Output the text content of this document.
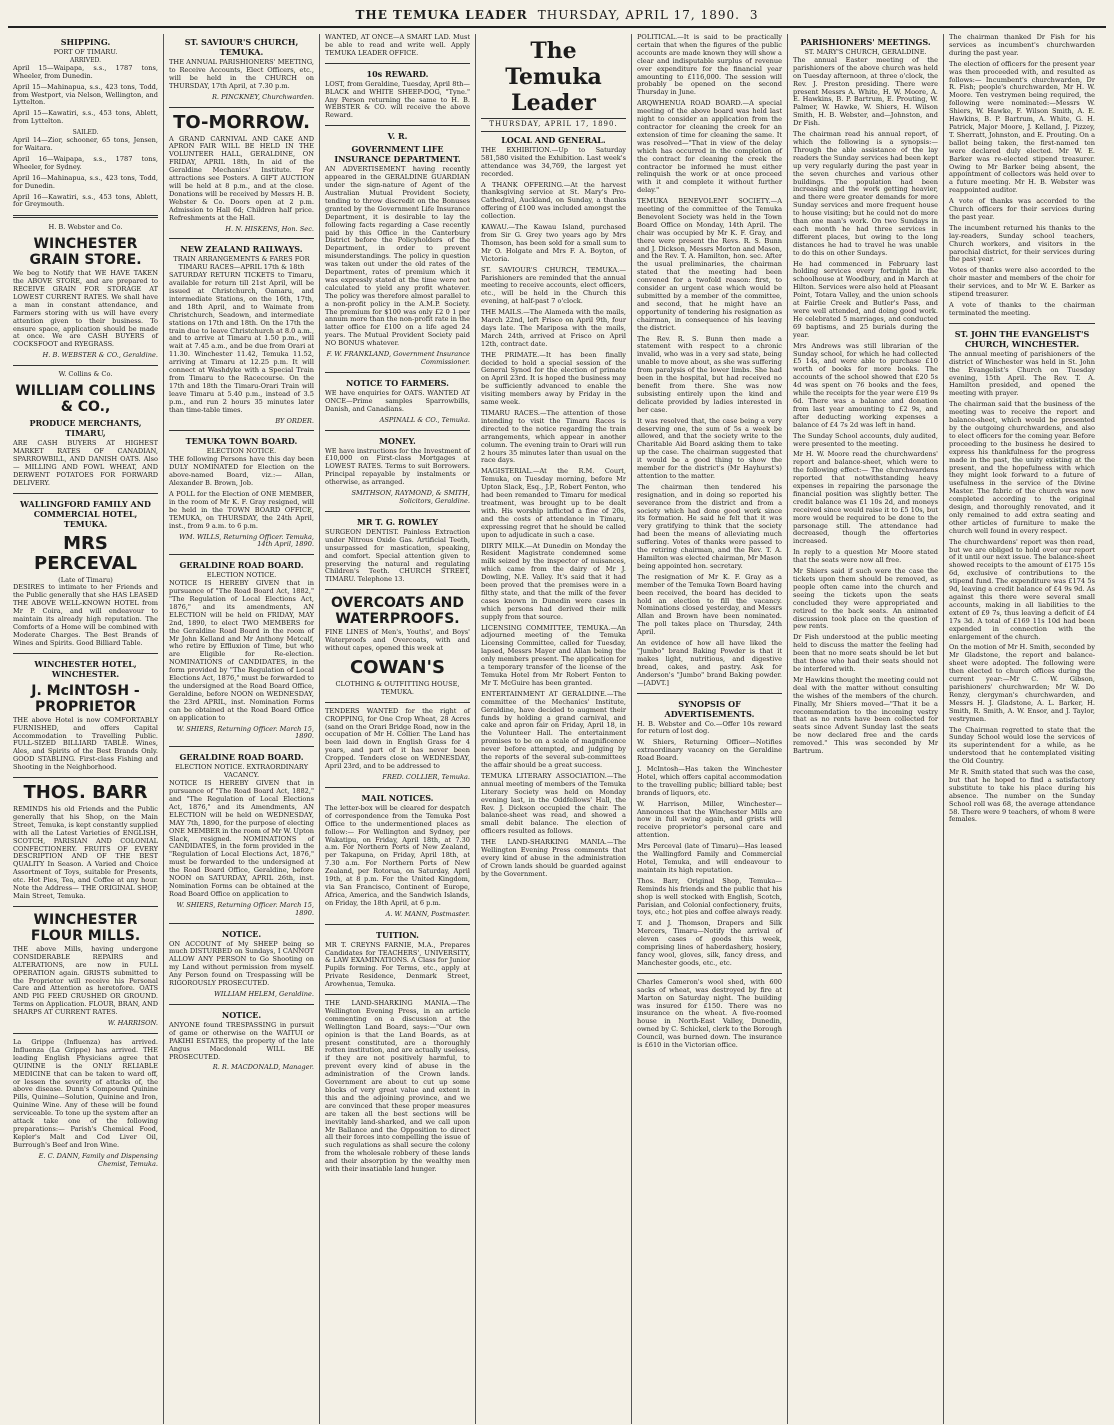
THE TEMUKA LEADER THURSDAY, APRIL 17, 1890. 3
SHIPPING.
PORT OF TIMARU.
ARRIVED.

April 15—Waipapa, s.s., 1787 tons, Wheeler, from Dunedin.

April 15—Mahinapua, s.s., 423 tons, Todd, from Westport, via Nelson, Wellington, and Lyttelton.

April 15—Kawatiri, s.s., 453 tons, Ablett, from Lyttelton.

SAILED.

April 14—Zior, schooner, 65 tons, Jensen, for Waitara.

April 16—Waipapa, s.s., 1787 tons, Wheeler, for Sydney.

April 16—Mahinapua, s.s., 423 tons, Todd, for Dunedin.

April 16—Kawatiri, s.s., 453 tons, Ablett, for Greymouth.

H. B. Webster and Co.
WINCHESTER GRAIN STORE.

We beg to Notify that WE HAVE TAKEN the ABOVE STORE, and are prepared to RECEIVE GRAIN FOR STORAGE AT LOWEST CURRENT RATES. We shall have a man in constant attendance, and Farmers storing with us will have every attention given to their business. To ensure space, application should be made at once. We are CASH BUYERS of COCKSFOOT and RYEGRASS.

H. B. WEBSTER & CO., Geraldine.
W. Collins & Co.
WILLIAM COLLINS & CO.,
PRODUCE MERCHANTS, TIMARU,

ARE CASH BUYERS AT HIGHEST MARKET RATES OF CANADIAN, SPARROWBILL, AND DANISH OATS. Also— MILLING AND FOWL WHEAT, AND DERWENT POTATOES FOR FORWARD DELIVERY.

WALLINGFORD FAMILY AND COMMERCIAL HOTEL, TEMUKA.
MRS PERCEVAL
(Late of Timaru)

DESIRES to intimate to her Friends and the Public generally that she HAS LEASED THE ABOVE WELL-KNOWN HOTEL from Mr P. Coira, and will endeavour to maintain its already high reputation. The Comforts of a Home will be combined with Moderate Charges. The Best Brands of Wines and Spirits. Good Billiard Table.

WINCHESTER HOTEL, WINCHESTER.
J. McINTOSH - PROPRIETOR

THE above Hotel is now COMFORTABLY FURNISHED, and offers Capital Accommodation to Travelling Public. FULL-SIZED BILLIARD TABLE. Wines, Ales, and Spirits of the Best Brands Only. GOOD STABLING. First-class Fishing and Shooting in the Neighborhood.

THOS. BARR

REMINDS his old Friends and the Public generally that his Shop, on the Main Street, Temuka, is kept constantly supplied with all the Latest Varieties of ENGLISH, SCOTCH, PARISIAN AND COLONIAL CONFECTIONERY. FRUITS OF EVERY DESCRIPTION AND OF THE BEST QUALITY In Season. A Varied and Choice Assortment of Toys, suitable for Presents, etc. Hot Pies, Tea, and Coffee at any hour. Note the Address— THE ORIGINAL SHOP, Main Street, Temuka.

WINCHESTER FLOUR MILLS.

THE above Mills, having undergone CONSIDERABLE REPAIRS and ALTERATIONS, are now in FULL OPERATION again. GRISTS submitted to the Proprietor will receive his Personal Care and Attention as heretofore. OATS AND PIG FEED CRUSHED OR GROUND. Terms on Application. FLOUR, BRAN, AND SHARPS AT CURRENT RATES.

W. HARRISON.

La Grippe (Influenza) has arrived. Influenza (La Grippe) has arrived. THE leading English Physicians agree that QUININE is the ONLY RELIABLE MEDICINE that can be taken to ward off, or lessen the severity of attacks of, the above disease. Dunn's Compound Quinine Pills, Quinine—Solution, Quinine and Iron, Quinine Wine. Any of these will be found serviceable. To tone up the system after an attack take one of the following preparations:— Parish's Chemical Food, Kepler's Malt and Cod Liver Oil, Burrough's Beef and Iron Wine.

E. C. DANN, Family and Dispensing Chemist, Temuka.
ST. SAVIOUR'S CHURCH, TEMUKA.

THE ANNUAL PARISHIONERS' MEETING, to Receive Accounts, Elect Officers, etc., will be held in the CHURCH on THURSDAY, 17th April, at 7.30 p.m.

R. PINCKNEY, Churchwarden.
TO-MORROW.

A GRAND CARNIVAL AND CAKE AND APRON FAIR WILL BE HELD IN THE VOLUNTEER HALL, GERALDINE, ON FRIDAY, APRIL 18th, In aid of the Geraldine Mechanics' Institute. For attractions see Posters. A GIFT AUCTION will be held at 8 p.m., and at the close. Donations will be received by Messrs H. B. Webster & Co. Doors open at 2 p.m. Admission to Hall 6d; Children half price. Refreshments at the Hall.

H. N. HISKENS, Hon. Sec.
NEW ZEALAND RAILWAYS.
TRAIN ARRANGEMENTS & FARES FOR TIMARU RACES—APRIL 17th & 18th

SATURDAY RETURN TICKETS to Timaru, available for return till 21st April, will be issued at Christchurch, Oamaru, and intermediate Stations, on the 16th, 17th, and 18th April, and to Waimate from Christchurch, Seadown, and intermediate stations on 17th and 18th. On the 17th the train due to leave Christchurch at 8.0 a.m., and to arrive at Timaru at 1.50 p.m., will wait at 7.45 a.m., and be due from Orari at 11.30. Winchester 11.42, Temuka 11.52, arriving at Timaru at 12.25 p.m. It will connect at Washdyke with a Special Train from Timaru to the Racecourse. On the 17th and 18th the Timaru-Orari Train will leave Timaru at 5.40 p.m., instead of 3.5 p.m., and run 2 hours 35 minutes later than time-table times.

BY ORDER.
TEMUKA TOWN BOARD.
ELECTION NOTICE.

THE following Persons have this day been DULY NOMINATED for Election on the above-named Board, viz.:— Allan, Alexander B. Brown, Job.

A POLL for the Election of ONE MEMBER, in the room of Mr K. F. Gray resigned, will be held in the TOWN BOARD OFFICE, TEMUKA, on THURSDAY, the 24th April, inst., from 9 a.m. to 6 p.m.

WM. WILLS, Returning Officer. Temuka, 14th April, 1890.
GERALDINE ROAD BOARD.
ELECTION NOTICE.

NOTICE IS HEREBY GIVEN that in pursuance of "The Road Board Act, 1882," "The Regulation of Local Elections Act, 1876," and its amendments, AN ELECTION will be held on FRIDAY, MAY 2nd, 1890, to elect TWO MEMBERS for the Geraldine Road Board in the room of Mr John Kelland and Mr Anthony Metcalf, who retire by Effluxion of Time, but who are Eligible for Re-election. NOMINATIONS of CANDIDATES, in the form provided by "The Regulation of Local Elections Act, 1876," must be forwarded to the undersigned at the Road Board Office, Geraldine, before NOON on WEDNESDAY, the 23rd APRIL, inst. Nomination Forms can be obtained at the Road Board Office on application to

W. SHIERS, Returning Officer. March 15, 1890.
GERALDINE ROAD BOARD.
ELECTION NOTICE. EXTRAORDINARY VACANCY.

NOTICE IS HEREBY GIVEN that in pursuance of "The Road Board Act, 1882," and "The Regulation of Local Elections Act, 1876," and its Amendments, AN ELECTION will be held on WEDNESDAY, MAY 7th, 1890, for the purpose of electing ONE MEMBER in the room of Mr W. Upton Slack, resigned. NOMINATIONS of CANDIDATES, in the form provided in the "Regulation of Local Elections Act, 1876," must be forwarded to the undersigned at the Road Board Office, Geraldine, before NOON on SATURDAY, APRIL 26th, inst. Nomination Forms can be obtained at the Road Board Office on application to

W. SHIERS, Returning Officer. March 15, 1890.
NOTICE.

ON ACCOUNT of My SHEEP being so much DISTURBED on Sundays, I CANNOT ALLOW ANY PERSON to Go Shooting on my Land without permission from myself. Any Person found on Trespassing will be RIGOROUSLY PROSECUTED.

WILLIAM HELEM, Geraldine.
NOTICE.

ANYONE found TRESPASSING in pursuit of game or otherwise on the WAITUI or PAKIHI ESTATES, the property of the late Angus Macdonald WILL BE PROSECUTED.

R. R. MACDONALD, Manager.

WANTED, AT ONCE—A SMART LAD. Must be able to read and write well. Apply TEMUKA LEADER OFFICE.

10s REWARD.

LOST, from Geraldine, Tuesday, April 8th—BLACK and WHITE SHEEP-DOG, "Tyne." Any Person returning the same to H. B. WEBSTER & CO. will receive the above Reward.

V. R.
GOVERNMENT LIFE INSURANCE DEPARTMENT.

AN ADVERTISEMENT having recently appeared in the GERALDINE GUARDIAN under the sign-nature of Agent of the Australian Mutual Provident Society, tending to throw discredit on the Bonuses granted by the Government Life Insurance Department, it is desirable to lay the following facts regarding a Case recently paid by this Office in the Canterbury District before the Policyholders of the Department, in order to prevent misunderstandings. The policy in question was taken out under the old rates of the Department, rates of premium which it was expressly stated at the time were not calculated to yield any profit whatever. The policy was therefore almost parallel to a non-profit policy in the A.M.P. Society. The premium for $100 was only £2 0 1 per annum more than the non-profit rate in the latter office for £100 on a life aged 24 years. The Mutual Provident Society paid NO BONUS whatever.

F. W. FRANKLAND, Government Insurance Commissioner.
NOTICE TO FARMERS.

WE have enquiries for OATS. WANTED AT ONCE—Prime samples Sparrowbills, Danish, and Canadians.

ASPINALL & CO., Temuka.
MONEY.

WE have instructions for the Investment of £10,000 on First-class Mortgages at LOWEST RATES. Terms to suit Borrowers. Principal repayable by instalments or otherwise, as arranged.

SMITHSON, RAYMOND, & SMITH, Solicitors, Geraldine.
MR T. G. ROWLEY

SURGEON DENTIST. Painless Extraction under Nitrous Oxide Gas. Artificial Teeth, unsurpassed for mastication, speaking, and comfort. Special attention given to preserving the natural and regulating Children's Teeth. CHURCH STREET, TIMARU. Telephone 13.

OVERCOATS AND WATERPROOFS.

FINE LINES of Men's, Youths', and Boys' Waterproofs and Overcoats, with and without capes, opened this week at

COWAN'S
CLOTHING & OUTFITTING HOUSE, TEMUKA.

TENDERS WANTED for the right of CROPPING, for One Crop Wheat, 28 Acres (sand on the Orari Bridge Road, now in the occupation of Mr H. Collier. The Land has been laid down in English Grass for 4 years, and part of it has never been Cropped. Tenders close on WEDNESDAY, April 23rd, and to be addressed to

FRED. COLLIER, Temuka.
MAIL NOTICES.

The letter-box will be cleared for despatch of correspondence from the Temuka Post Office to the undermentioned places as follow:— For Wellington and Sydney, per Wakatipu, on Friday, April 18th, at 7.30 a.m. For Northern Ports of New Zealand, per Takapuna, on Friday, April 18th, at 7.30 a.m. For Northern Ports of New Zealand, per Rotorua, on Saturday, April 19th, at 8 p.m. For the United Kingdom, via San Francisco, Continent of Europe, Africa, America, and the Sandwich Islands, on Friday, the 18th April, at 6 p.m.

A. W. MANN, Postmaster.
TUITION.

MR T. CREYNS FARNIE, M.A., Prepares Candidates for TEACHERS', UNIVERSITY, & LAW EXAMINATIONS. A Class for Junior Pupils forming. For Terms, etc., apply at Private Residence, Denmark Street, Arowhenua, Temuka.

THE LAND-SHARKING MANIA.—The Wellington Evening Press, in an article commenting on a discussion at the Wellington Land Board, says:—"Our own opinion is that the Land Boards, as at present constituted, are a thoroughly rotten institution, and are actually useless, if they are not positively harmful, to prevent every kind of abuse in the administration of the Crown lands. Government are about to cut up some blocks of very great value and extent in this and the adjoining province, and we are convinced that these proper measures are taken all the best sections will be inevitably land-sharked, and we call upon Mr Ballance and the Opposition to direct all their forces into compelling the issue of such regulations as shall secure the colony from the wholesale robbery of these lands and their absorption by the wealthy men with their insatiable land hunger.

The Temuka Leader
THURSDAY, APRIL 17, 1890.
LOCAL AND GENERAL.

THE EXHIBITION.—Up to Saturday 581,580 visited the Exhibition. Last week's attendance was 34,769, the largest yet recorded.

A THANK OFFERING.—At the harvest thanksgiving service at St. Mary's Pro-Cathedral, Auckland, on Sunday, a thanks offering of £100 was included amongst the collection.

KAWAU.—The Kawau Island, purchased from Sir G. Grey two years ago by Mrs Thomson, has been sold for a small sum to Mr O. Holgate and Mrs F. A. Boyton, of Victoria.

ST. SAVIOUR'S CHURCH, TEMUKA.—Parishioners are reminded that the annual meeting to receive accounts, elect officers, etc., will be held in the Church this evening, at half-past 7 o'clock.

THE MAILS.—The Alameda with the mails, March 22nd, left Frisco on April 9th, four days late. The Mariposa with the mails, March 24th, arrived at Frisco on April 12th, contract date.

THE PRIMATE.—It has been finally decided to hold a special session of the General Synod for the election of primate on April 23rd. It is hoped the business may be sufficiently advanced to enable the visiting members away by Friday in the same week.

TIMARU RACES.—The attention of those intending to visit the Timaru Races is directed to the notice regarding the train arrangements, which appear in another column. The evening train to Orari will run 2 hours 35 minutes later than usual on the race days.

MAGISTERIAL.—At the R.M. Court, Temuka, on Tuesday morning, before Mr Upton Slack, Esq., J.P., Robert Fenton, who had been remanded to Timaru for medical treatment, was brought up to be dealt with. His worship inflicted a fine of 20s, and the costs of attendance in Timaru, expressing regret that he should be called upon to adjudicate in such a case.

DIRTY MILK.—At Dunedin on Monday the Resident Magistrate condemned some milk seized by the inspector of nuisances, which came from the dairy of Mr J. Dowling, N.E. Valley. It's said that it had been proved that the premises were in a filthy state, and that the milk of the fever cases known in Dunedin were cases in which persons had derived their milk supply from that source.

LICENSING COMMITTEE, TEMUKA.—An adjourned meeting of the Temuka Licensing Committee, called for Tuesday, lapsed, Messrs Mayer and Allan being the only members present. The application for a temporary transfer of the license of the Temuka Hotel from Mr Robert Fenton to Mr T. McGuire has been granted.

ENTERTAINMENT AT GERALDINE.—The committee of the Mechanics' Institute, Geraldine, have decided to augment their funds by holding a grand carnival, and cake and apron fair on Friday, April 18, in the Volunteer Hall. The entertainment promises to be on a scale of magnificence never before attempted, and judging by the reports of the several sub-committees the affair should be a great success.

TEMUKA LITERARY ASSOCIATION.—The annual meeting of members of the Temuka Literary Society was held on Monday evening last, in the Oddfellows' Hall, the Rev. J. Dickson occupied the chair. The balance-sheet was read, and showed a small debit balance. The election of officers resulted as follows.

THE LAND-SHARKING MANIA.—The Wellington Evening Press comments that every kind of abuse in the administration of Crown lands should be guarded against by the Government.

POLITICAL.—It is said to be practically certain that when the figures of the public accounts are made known they will show a clear and indisputable surplus of revenue over expenditure for the financial year amounting to £116,000. The session will probably be opened on the second Thursday in June.

ARQWHENUA ROAD BOARD.—A special meeting of the above board was held last night to consider an application from the contractor for cleaning the creek for an extension of time for cleaning the same. It was resolved—"That in view of the delay which has occurred in the completion of the contract for cleaning the creek the contractor be informed he must either relinquish the work or at once proceed with it and complete it without further delay."

TEMUKA BENEVOLENT SOCIETY.—A meeting of the committee of the Temuka Benevolent Society was held in the Town Board Office on Monday, 14th April. The chair was occupied by Mr K. F. Gray, and there were present the Revs. R. S. Bunn and J. Dickson, Messrs Morton and Mason, and the Rev. T. A. Hamilton, hon. sec. After the usual preliminaries, the chairman stated that the meeting had been convened for a twofold reason: first, to consider an urgent case which would be submitted by a member of the committee, and second, that he might have an opportunity of tendering his resignation as chairman, in consequence of his leaving the district.

The Rev. R. S. Bunn then made a statement with respect to a chronic invalid, who was in a very sad state, being unable to move about, as she was suffering from paralysis of the lower limbs. She had been in the hospital, but had received no benefit from there. She was now subsisting entirely upon the kind and delicate provided by ladies interested in her case.

It was resolved that, the case being a very deserving one, the sum of 5s a week be allowed, and that the society write to the Charitable Aid Board asking them to take up the case. The chairman suggested that it would be a good thing to show the member for the district's (Mr Hayhurst's) attention to the matter.

The chairman then tendered his resignation, and in doing so reported his severance from the district and from a society which had done good work since its formation. He said he felt that it was very gratifying to think that the society had been the means of alleviating much suffering. Votes of thanks were passed to the retiring chairman, and the Rev. T. A. Hamilton was elected chairman, Mr Mason being appointed hon. secretary.

The resignation of Mr K. F. Gray as a member of the Temuka Town Board having been received, the board has decided to hold an election to fill the vacancy. Nominations closed yesterday, and Messrs Allan and Brown have been nominated. The poll takes place on Thursday, 24th April.

An evidence of how all have liked the "Jumbo" brand Baking Powder is that it makes light, nutritious, and digestive bread, cakes, and pastry. Ask for Anderson's "Jumbo" brand Baking powder.—[ADVT.]

SYNOPSIS OF ADVERTISEMENTS.

H. B. Webster and Co.—Offer 10s reward for return of lost dog.

W. Shiers, Returning Officer—Notifies extraordinary vacancy on the Geraldine Road Board.

J. McIntosh—Has taken the Winchester Hotel, which offers capital accommodation to the travelling public; billiard table; best brands of liquors, etc.

W. Harrison, Miller, Winchester—Announces that the Winchester Mills are now in full swing again, and grists will receive proprietor's personal care and attention.

Mrs Perceval (late of Timaru)—Has leased the Wallingford Family and Commercial Hotel, Temuka, and will endeavour to maintain its high reputation.

Thos. Barr, Original Shop, Temuka—Reminds his friends and the public that his shop is well stocked with English, Scotch, Parisian, and Colonial confectionery, fruits, toys, etc.; hot pies and coffee always ready.

T. and J. Thomson, Drapers and Silk Mercers, Timaru—Notify the arrival of eleven cases of goods this week, comprising lines of haberdashery, hosiery, fancy wool, gloves, silk, fancy dress, and Manchester goods, etc., etc.

Charles Cameron's wool shed, with 600 sacks of wheat, was destroyed by fire at Marton on Saturday night. The building was insured for £150. There was no insurance on the wheat. A five-roomed house in North-East Valley, Dunedin, owned by C. Schickel, clerk to the Borough Council, was burned down. The insurance is £610 in the Victorian office.

PARISHIONERS' MEETINGS.
ST. MARY'S CHURCH, GERALDINE.

The annual Easter meeting of the parishioners of the above church was held on Tuesday afternoon, at three o'clock, the Rev. J. Preston presiding. There were present Messrs A. White, H. W. Moore, A. E. Hawkins, B. P. Bartrum, E. Prouting, W. Palmer, W. Hawke, W. Shiers, H. Wilson Smith, H. B. Webster, and—Johnston, and Dr Fish.

The chairman read his annual report, of which the following is a synopsis:— Through the able assistance of the lay readers the Sunday services had been kept up very regularly during the past year in the seven churches and various other buildings. The population had been increasing and the work getting heavier, and there were greater demands for more Sunday services and more frequent house to house visiting; but he could not do more than one man's work. On two Sundays in each month he had three services in different places, but owing to the long distances he had to travel he was unable to do this on other Sundays.

He had commenced in February last holding services every fortnight in the schoolhouse at Woodbury, and in March at Hilton. Services were also held at Pleasant Point, Totara Valley, and the union schools at Fairlie Creek and Butler's Pass, and were well attended, and doing good work. He celebrated 5 marriages, and conducted 69 baptisms, and 25 burials during the year.

Mrs Andrews was still librarian of the Sunday school, for which he had collected £5 14s, and were able to purchase £10 worth of books for more books. The accounts of the school showed that £20 5s 4d was spent on 76 books and the fees, while the receipts for the year were £19 9s 6d. There was a balance and donation from last year amounting to £2 9s, and after deducting working expenses a balance of £4 7s 2d was left in hand.

The Sunday School accounts, duly audited, were presented to the meeting.

Mr H. W. Moore read the churchwardens' report and balance-sheet, which were to the following effect:— The churchwardens reported that notwithstanding heavy expenses in repairing the parsonage the financial position was slightly better. The credit balance was £1 10s 2d, and moneys received since would raise it to £5 10s, but more would be required to be done to the parsonage still. The attendance had decreased, though the offertories increased.

In reply to a question Mr Moore stated that the seats were now all free.

Mr Shiers said if such were the case the tickets upon them should be removed, as people often came into the church and seeing the tickets upon the seats concluded they were appropriated and retired to the back seats. An animated discussion took place on the question of pew rents.

Dr Fish understood at the public meeting held to discuss the matter the feeling had been that no more seats should be let but that those who had their seats should not be interfered with.

Mr Hawkins thought the meeting could not deal with the matter without consulting the wishes of the members of the church. Finally, Mr Shiers moved—"That it be a recommendation to the incoming vestry that as no rents have been collected for seats since Advent Sunday last the seats be now declared free and the cards removed." This was seconded by Mr Bartrum.

The chairman thanked Dr Fish for his services as incumbent's churchwarden during the past year.

The election of officers for the present year was then proceeded with, and resulted as follows:— Incumbent's churchwarden, Dr R. Fish; people's churchwarden, Mr H. W. Moore. Ten vestrymen being required, the following were nominated:—Messrs W. Shiers, W. Hawke, F. Wilson Smith, A. E. Hawkins, B. P. Bartrum, A. White, G. H. Patrick, Major Moore, J. Kelland, J. Pizzey, T. Sherratt, Johnston, and E. Prouting. On a ballot being taken, the first-named ten were declared duly elected. Mr W. E. Barker was re-elected stipend treasurer. Owing to Mr Barker being absent, the appointment of collectors was held over to a future meeting. Mr H. B. Webster was reappointed auditor.

A vote of thanks was accorded to the Church officers for their services during the past year.

The incumbent returned his thanks to the lay-readers, Sunday school teachers, Church workers, and visitors in the parochial district, for their services during the past year.

Votes of thanks were also accorded to the choir master and members of the choir for their services, and to Mr W. E. Barker as stipend treasurer.

A vote of thanks to the chairman terminated the meeting.

ST. JOHN THE EVANGELIST'S CHURCH, WINCHESTER.

The annual meeting of parishioners of the district of Winchester was held in St. John the Evangelist's Church on Tuesday evening, 15th April. The Rev. T. A. Hamilton presided, and opened the meeting with prayer.

The chairman said that the business of the meeting was to receive the report and balance-sheet, which would be presented by the outgoing churchwardens, and also to elect officers for the coming year. Before proceeding to the business he desired to express his thankfulness for the progress made in the past, the unity existing at the present, and the hopefulness with which they might look forward to a future of usefulness in the service of the Divine Master. The fabric of the church was now completed according to the original design, and thoroughly renovated, and it only remained to add extra seating and other articles of furniture to make the church well found in every respect.

The churchwardens' report was then read, but we are obliged to hold over our report of it until our next issue. The balance-sheet showed receipts to the amount of £175 15s 6d, exclusive of contributions to the stipend fund. The expenditure was £174 5s 9d, leaving a credit balance of £4 9s 9d. As against this there were several small accounts, making in all liabilities to the extent of £9 7s, thus leaving a deficit of £4 17s 3d. A total of £169 11s 10d had been expended in connection with the enlargement of the church.

On the motion of Mr H. Smith, seconded by Mr Gladstone, the report and balance-sheet were adopted. The following were then elected to church offices during the current year:—Mr C. W. Gibson, parishioners' churchwarden; Mr W. Do Renzy, clergyman's churchwarden, and Messrs H. J. Gladstone, A. L. Barker, H. Smith, R. Smith, A. W. Ensor, and J. Taylor, vestrymen.

The Chairman regretted to state that the Sunday School would lose the services of its superintendent for a while, as he understood that he contemplated visiting the Old Country.

Mr R. Smith stated that such was the case, but that he hoped to find a satisfactory substitute to take his place during his absence. The number on the Sunday School roll was 68, the average attendance 58. There were 9 teachers, of whom 8 were females.
